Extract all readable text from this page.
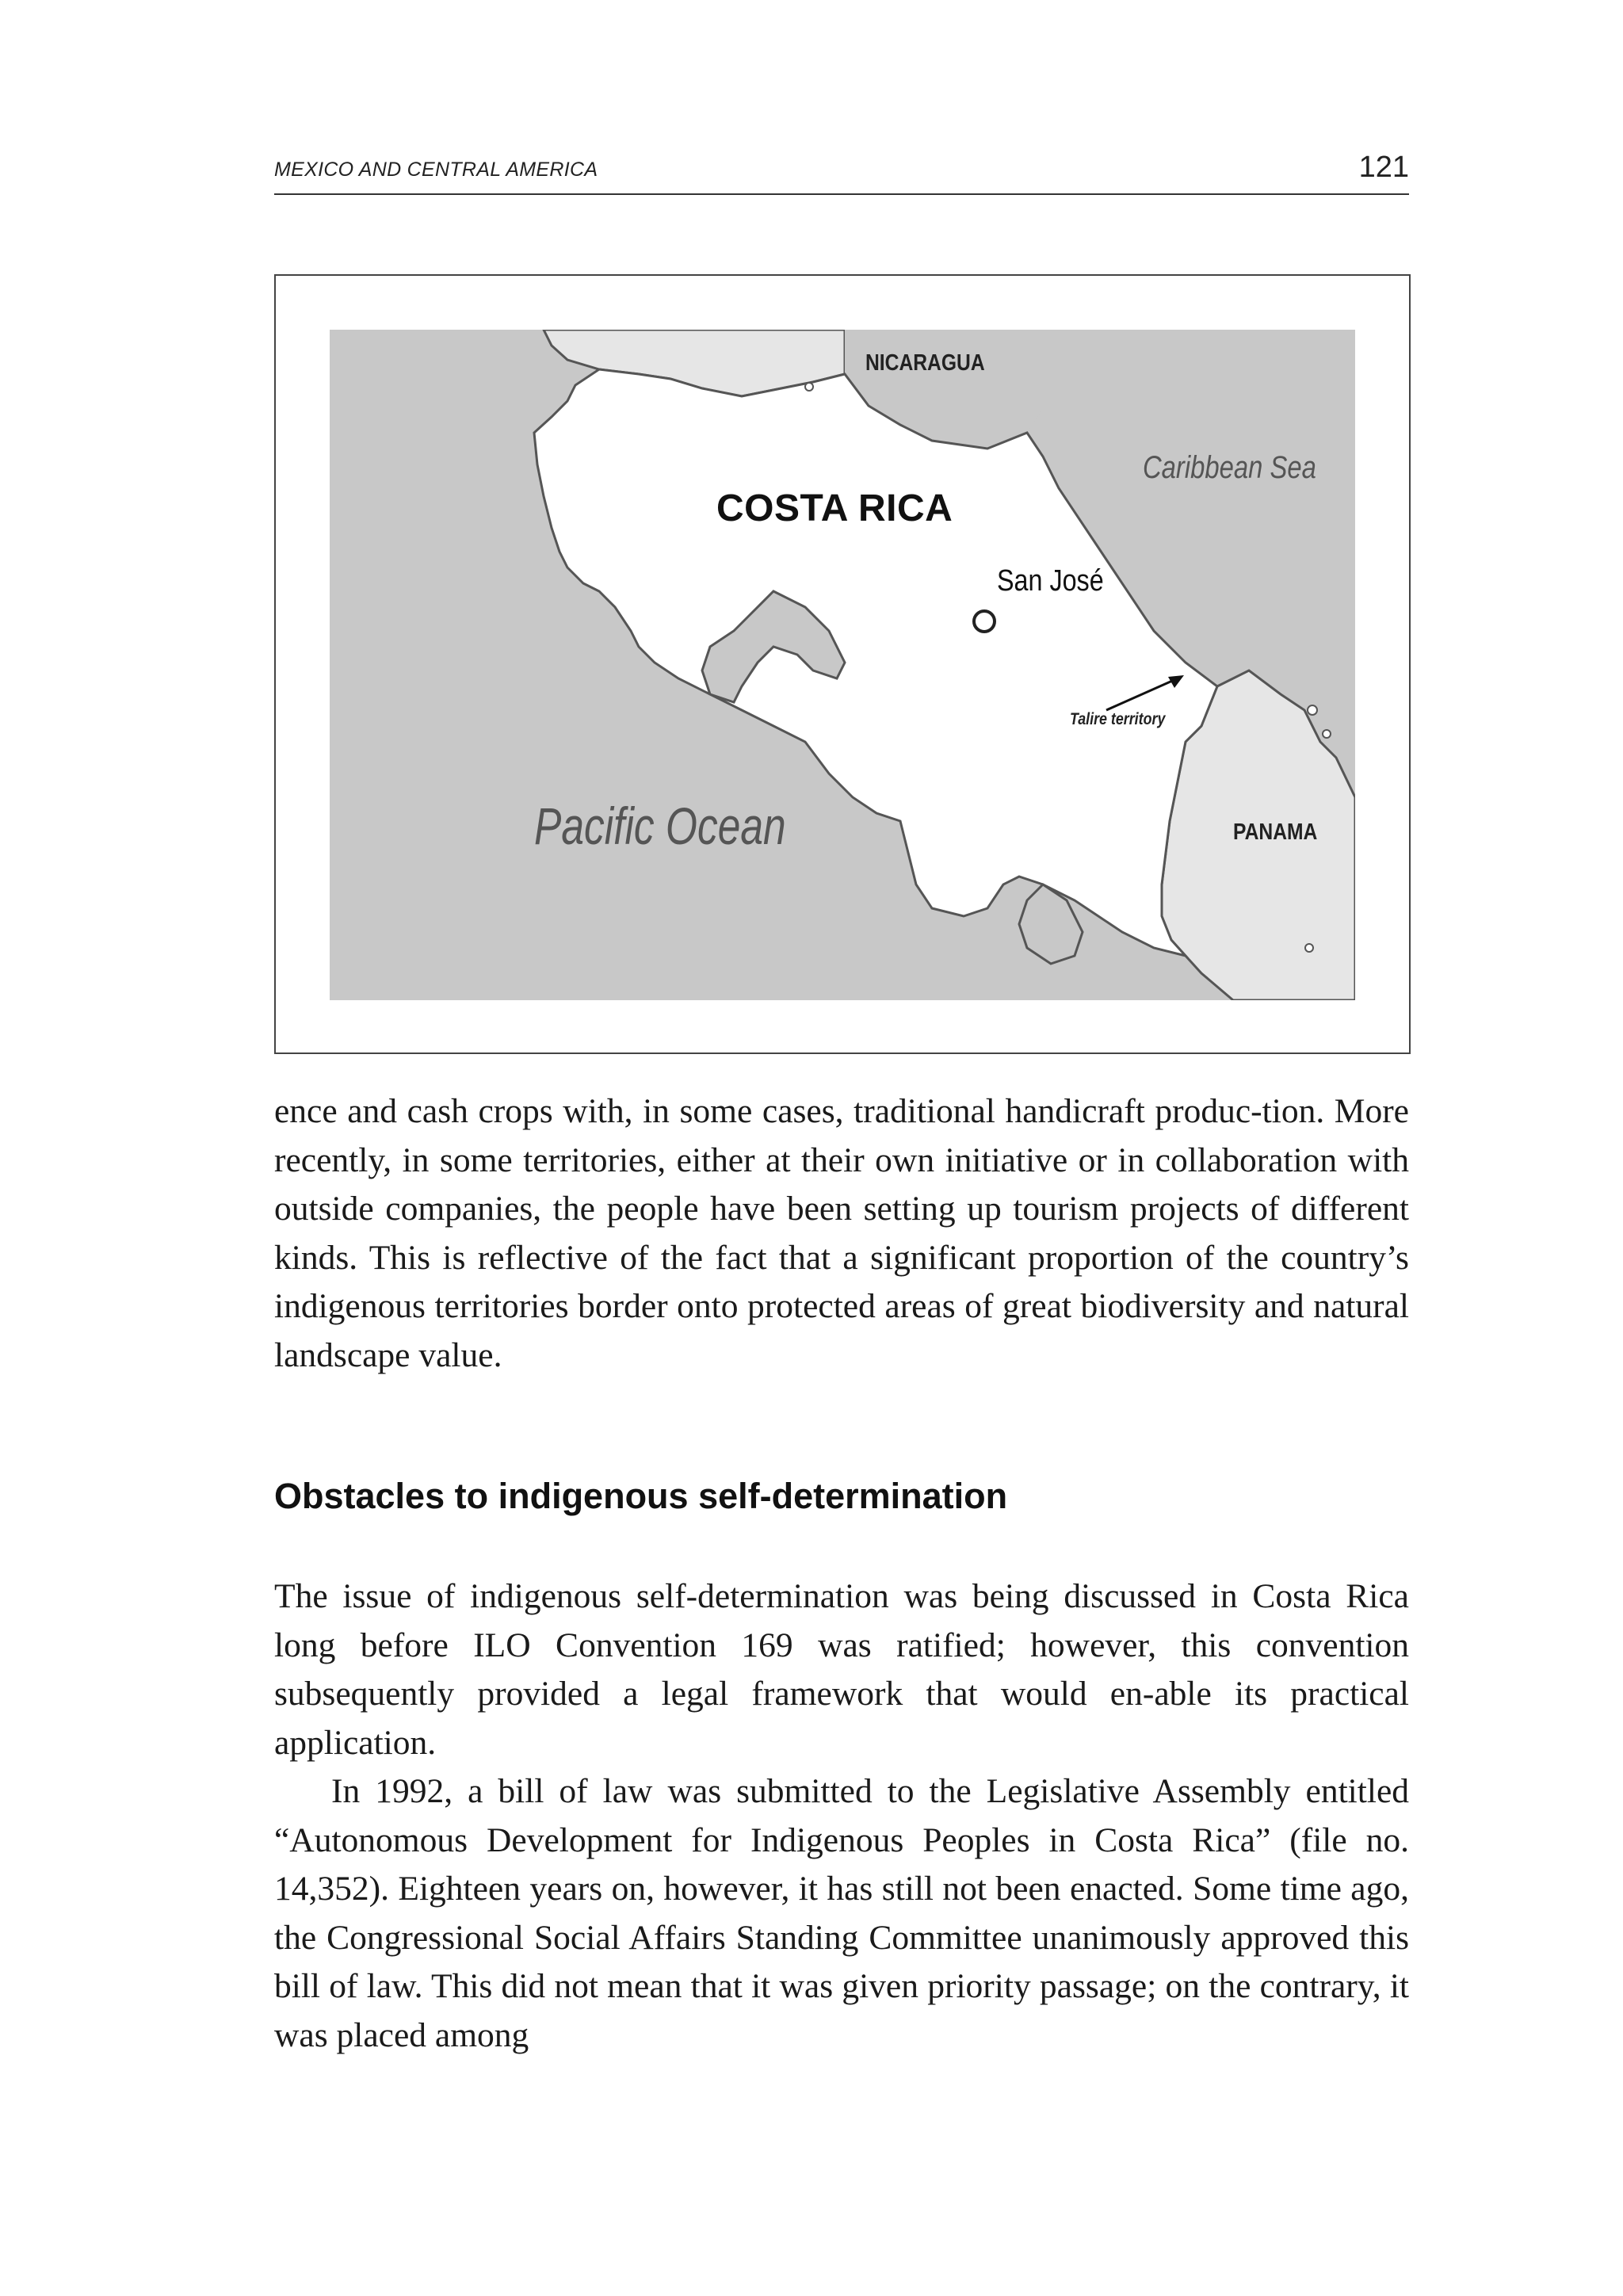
MEXICO AND CENTRAL AMERICA	121
NICARAGUA
Caribbean Sea
COSTA RICA
San José
Talire territory
Pacific Ocean	PANAMA

ence and cash crops with, in some cases, traditional handicraft produc-tion. More recently, in some territories, either at their own initiative or in collaboration with outside companies, the people have been setting up tourism projects of different kinds. This is reflective of the fact that a significant proportion of the country’s indigenous territories border onto protected areas of great biodiversity and natural landscape value.

Obstacles to indigenous self-determination

The issue of indigenous self-determination was being discussed in Costa Rica long before ILO Convention 169 was ratified; however, this convention subsequently provided a legal framework that would en-able its practical application.

In 1992, a bill of law was submitted to the Legislative Assembly entitled “Autonomous Development for Indigenous Peoples in Costa Rica” (file no. 14,352). Eighteen years on, however, it has still not been enacted. Some time ago, the Congressional Social Affairs Standing Committee unanimously approved this bill of law. This did not mean that it was given priority passage; on the contrary, it was placed among
